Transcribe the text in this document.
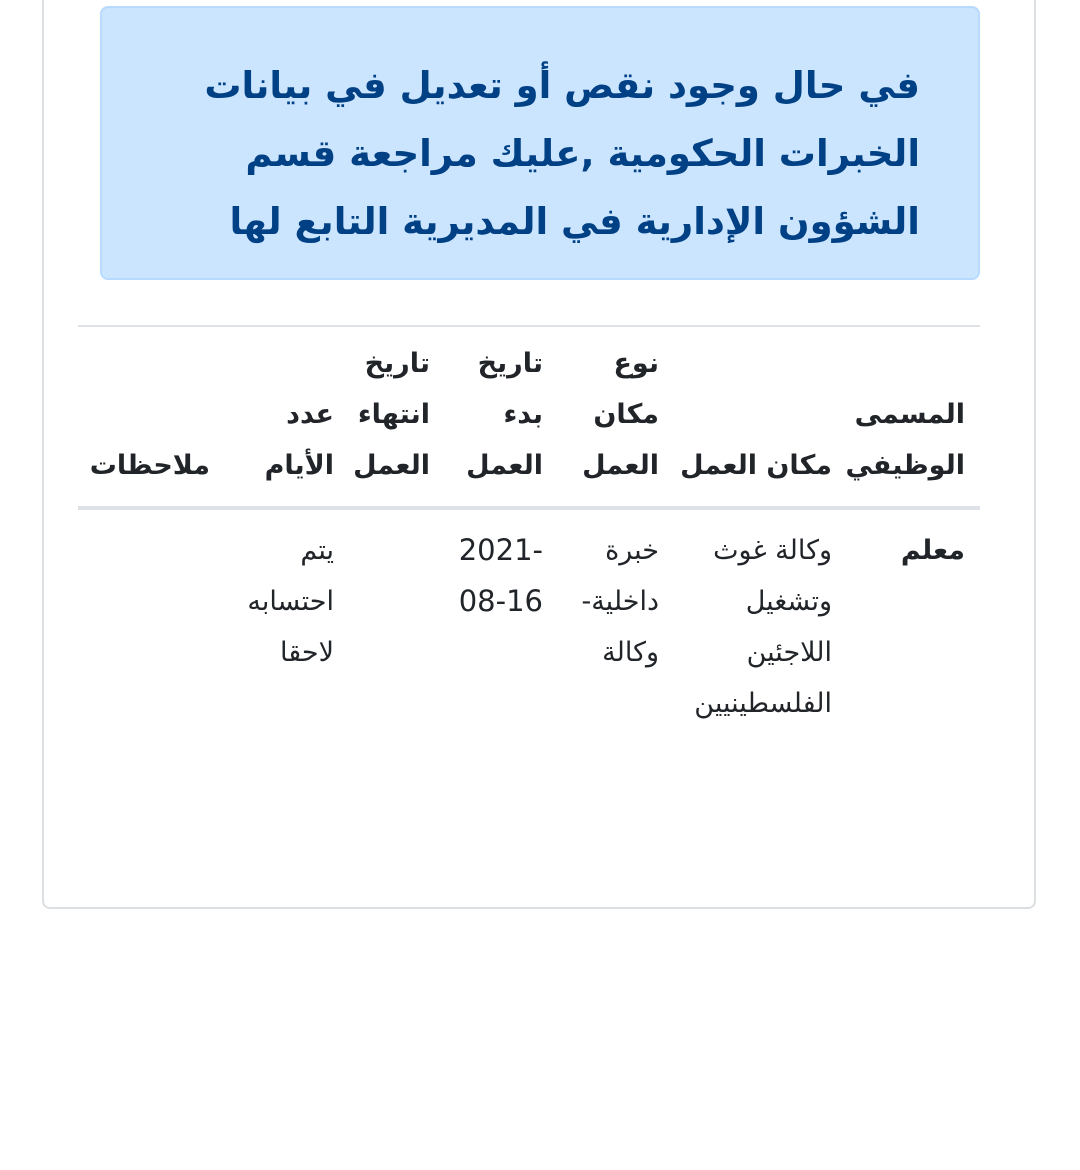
في حال وجود نقص أو تعديل في بيانات

الخبرات الحكومية ,عليك مراجعة قسم

الشؤون الإدارية في المديرية التابع لها

المسمى
الوظيفي
مكان العمل
نوع
مكان
العمل
تاريخ
بدء
العمل
تاريخ
انتهاء
العمل
عدد
الأيام
ملاحظات
معلم
وكالة غوث
وتشغيل
اللاجئين
الفلسطينيين
خبرة
داخلية-
وكالة
-2021
08-16
يتم
احتسابه
لاحقا
